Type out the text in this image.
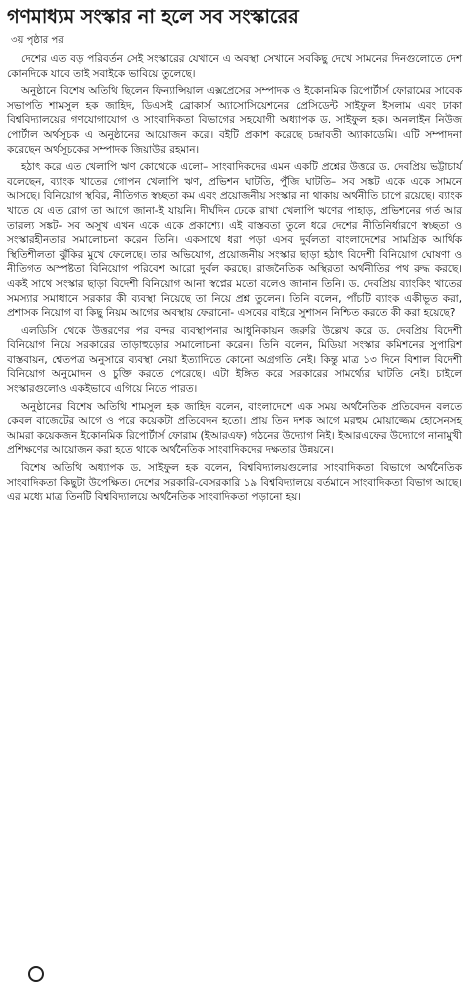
গণমাধ্যম সংস্কার না হলে সব সংস্কারের
৩য় পৃষ্ঠার পর

দেশের এত বড় পরিবর্তন সেই সংস্কারের যেখানে এ অবস্থা সেখানে সবকিছু দেখে সামনের দিনগুলোতে দেশ কোনদিকে যাবে তাই সবাইকে ভাবিয়ে তুলেছে।

অনুষ্ঠানে বিশেষ অতিথি ছিলেন ফিন্যান্সিয়াল এক্সপ্রেসের সম্পাদক ও ইকোনমিক রিপোর্টার্স ফোরামের সাবেক সভাপতি শামসুল হক জাহিদ, ডিএসই ব্রোকার্স অ্যাসোসিয়েশনের প্রেসিডেন্ট সাইফুল ইসলাম এবং ঢাকা বিশ্ববিদ্যালয়ের গণযোগাযোগ ও সাংবাদিকতা বিভাগের সহযোগী অধ্যাপক ড. সাইফুল হক। অনলাইন নিউজ পোর্টাল অর্থসূচক এ অনুষ্ঠানের আয়োজন করে। বইটি প্রকাশ করেছে চন্দ্রাবতী অ্যাকাডেমি। এটি সম্পাদনা করেছেন অর্থসূচকের সম্পাদক জিয়াউর রহমান।

হঠাৎ করে এত খেলাপি ঋণ কোথেকে এলো– সাংবাদিকদের এমন একটি প্রশ্নের উত্তরে ড. দেবপ্রিয় ভট্টাচার্য বলেছেন, ব্যাংক খাতের গোপন খেলাপি ঋণ, প্রভিশন ঘাটতি, পুঁজি ঘাটতি– সব সঙ্কট একে একে সামনে আসছে। বিনিয়োগ স্থবির, নীতিগত স্বচ্ছতা কম এবং প্রয়োজনীয় সংস্কার না থাকায় অর্থনীতি চাপে রয়েছে। ব্যাংক খাতে যে এত রোগ তা আগে জানা-ই যায়নি। দীর্ঘদিন ঢেকে রাখা খেলাপি ঋণের পাহাড়, প্রভিশনের গর্ত আর তারল্য সঙ্কট- সব অসুখ এখন একে একে প্রকাশ্যে। এই বাস্তবতা তুলে ধরে দেশের নীতিনির্ধারণে স্বচ্ছতা ও সংস্কারহীনতার সমালোচনা করেন তিনি। একসাথে ধরা পড়া এসব দুর্বলতা বাংলাদেশের সামগ্রিক আর্থিক স্থিতিশীলতা ঝুঁকির মুখে ফেলেছে। তার অভিযোগ, প্রয়োজনীয় সংস্কার ছাড়া হঠাৎ বিদেশী বিনিয়োগ ঘোষণা ও নীতিগত অস্পষ্টতা বিনিয়োগ পরিবেশ আরো দুর্বল করছে। রাজনৈতিক অস্থিরতা অর্থনীতির পথ রুদ্ধ করছে। একই সাথে সংস্কার ছাড়া বিদেশী বিনিয়োগ আনা স্বপ্নের মতো বলেও জানান তিনি। ড. দেবপ্রিয় ব্যাংকিং খাতের সমস্যার সমাধানে সরকার কী ব্যবস্থা নিয়েছে তা নিয়ে প্রশ্ন তুলেন। তিনি বলেন, পাঁচটি ব্যাংক একীভূত করা, প্রশাসক নিয়োগ বা কিছু নিয়ম আগের অবস্থায় ফেরানো- এসবের বাইরে সুশাসন নিশ্চিত করতে কী করা হয়েছে?

এলডিসি থেকে উত্তরণের পর বন্দর ব্যবস্থাপনার আধুনিকায়ন জরুরি উল্লেখ করে ড. দেবপ্রিয় বিদেশী বিনিয়োগ নিয়ে সরকারের তাড়াহুড়োর সমালোচনা করেন। তিনি বলেন, মিডিয়া সংস্কার কমিশনের সুপারিশ বাস্তবায়ন, শ্বেতপত্র অনুসারে ব্যবস্থা নেয়া ইত্যাদিতে কোনো অগ্রগতি নেই। কিন্তু মাত্র ১৩ দিনে বিশাল বিদেশী বিনিয়োগ অনুমোদন ও চুক্তি করতে পেরেছে। এটা ইঙ্গিত করে সরকারের সামর্থ্যের ঘাটতি নেই। চাইলে সংস্কারগুলোও একইভাবে এগিয়ে নিতে পারত।

অনুষ্ঠানের বিশেষ অতিথি শামসুল হক জাহিদ বলেন, বাংলাদেশে এক সময় অর্থনৈতিক প্রতিবেদন বলতে কেবল বাজেটের আগে ও পরে কয়েকটা প্রতিবেদন হতো। প্রায় তিন দশক আগে মরহুম মোয়াজ্জেম হোসেনসহ আমরা কয়েকজন ইকোনমিক রিপোর্টার্স ফোরাম (ইআরএফ) গঠনের উদ্যোগ নিই। ইআরএফের উদ্যোগে নানামুখী প্রশিক্ষণের আয়োজন করা হতে থাকে অর্থনৈতিক সাংবাদিকদের দক্ষতার উন্নয়নে।

বিশেষ অতিথি অধ্যাপক ড. সাইফুল হক বলেন, বিশ্ববিদ্যালয়গুলোর সাংবাদিকতা বিভাগে অর্থনৈতিক সাংবাদিকতা কিছুটা উপেক্ষিত। দেশের সরকারি-বেসরকারি ১৯ বিশ্ববিদ্যালয়ে বর্তমানে সাংবাদিকতা বিভাগ আছে। এর মধ্যে মাত্র তিনটি বিশ্ববিদ্যালয়ে অর্থনৈতিক সাংবাদিকতা পড়ানো হয়।
